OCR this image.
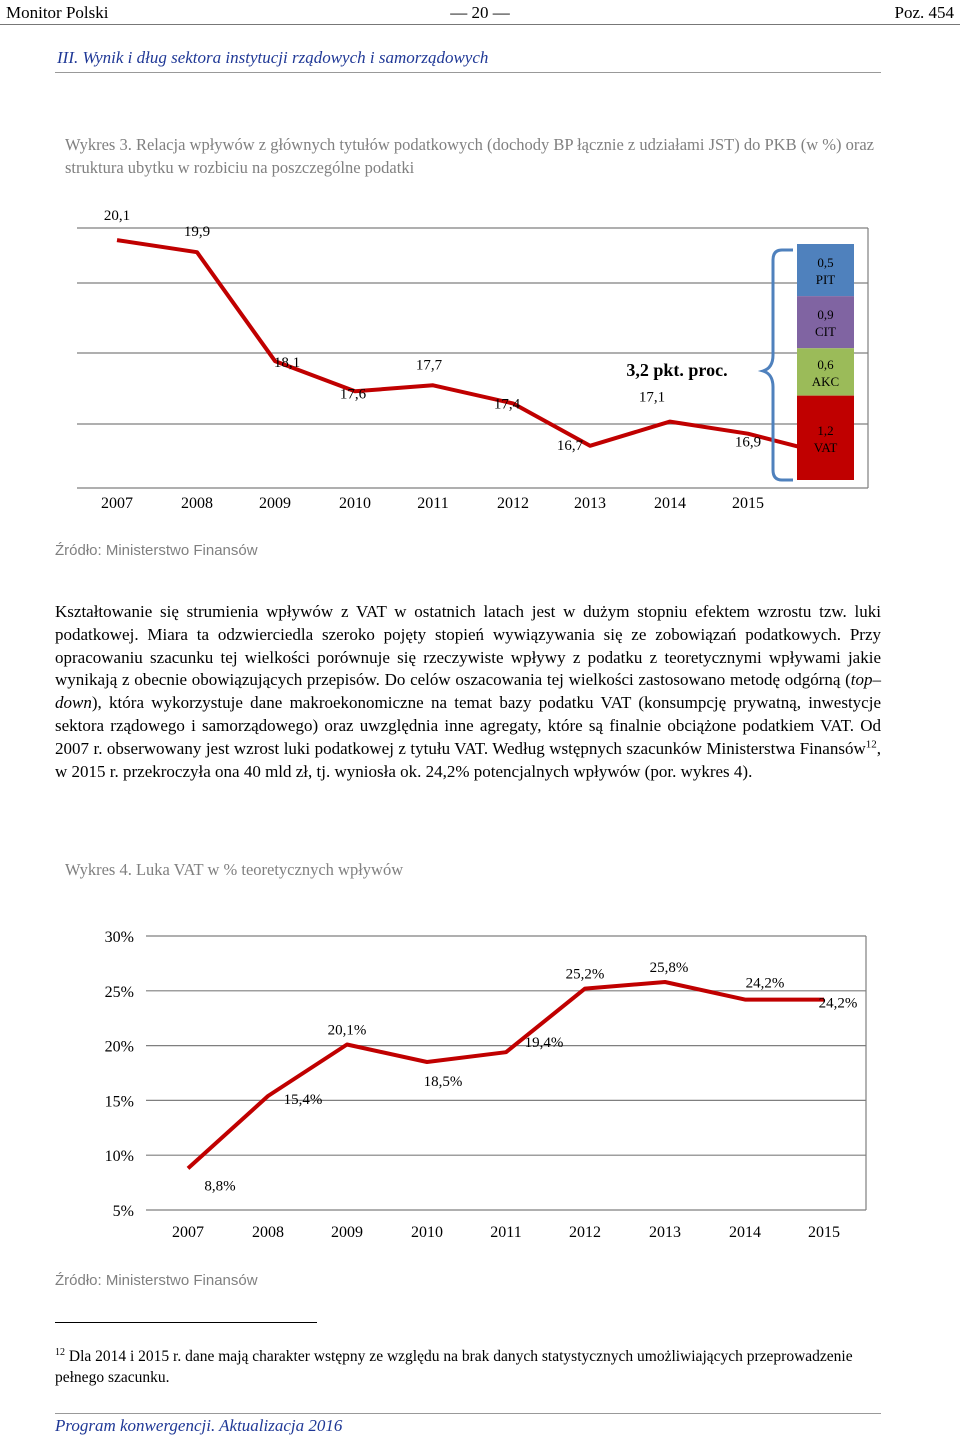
Monitor Polski	— 20 —	Poz. 454
III. Wynik i dług sektora instytucji rządowych i samorządowych
Wykres 3. Relacja wpływów z głównych tytułów podatkowych (dochody BP łącznie z udziałami JST) do PKB (w %) oraz struktura ubytku w rozbiciu na poszczególne podatki
20,1
19,9
18,1
17,6
17,7
17,4
16,7
17,1
16,9
2007	2008	2009	2010	2011	2012	2013	2014	2015
3,2 pkt. proc.
0,5
PIT
0,9
CIT
0,6
AKC
1,2
VAT
Źródło: Ministerstwo Finansów

Kształtowanie się strumienia wpływów z VAT w ostatnich latach jest w dużym stopniu efektem wzrostu tzw. luki podatkowej. Miara ta odzwierciedla szeroko pojęty stopień wywiązywania się ze zobowiązań podatkowych. Przy opracowaniu szacunku tej wielkości porównuje się rzeczywiste wpływy z podatku z teoretycznymi wpływami jakie wynikają z obecnie obowiązujących przepisów. Do celów oszacowania tej wielkości zastosowano metodę odgórną (top–down), która wykorzystuje dane makroekonomiczne na temat bazy podatku VAT (konsumpcję prywatną, inwestycje sektora rządowego i samorządowego) oraz uwzględnia inne agregaty, które są finalnie obciążone podatkiem VAT. Od 2007 r. obserwowany jest wzrost luki podatkowej z tytułu VAT. Według wstępnych szacunków Ministerstwa Finansów$^{12}$, w 2015 r. przekroczyła ona 40 mld zł, tj. wyniosła ok. 24,2% potencjalnych wpływów (por. wykres 4).

Wykres 4. Luka VAT w % teoretycznych wpływów
30%
25%
20%
15%
10%
5%
8,8%
15,4%
20,1%
18,5%
19,4%
25,2%	25,8%
24,2%
24,2%
2007	2008	2009	2010	2011	2012	2013	2014	2015
Źródło: Ministerstwo Finansów

$^{12}$ Dla 2014 i 2015 r. dane mają charakter wstępny ze względu na brak danych statystycznych umożliwiających przeprowadzenie pełnego szacunku.

Program konwergencji. Aktualizacja 2016
